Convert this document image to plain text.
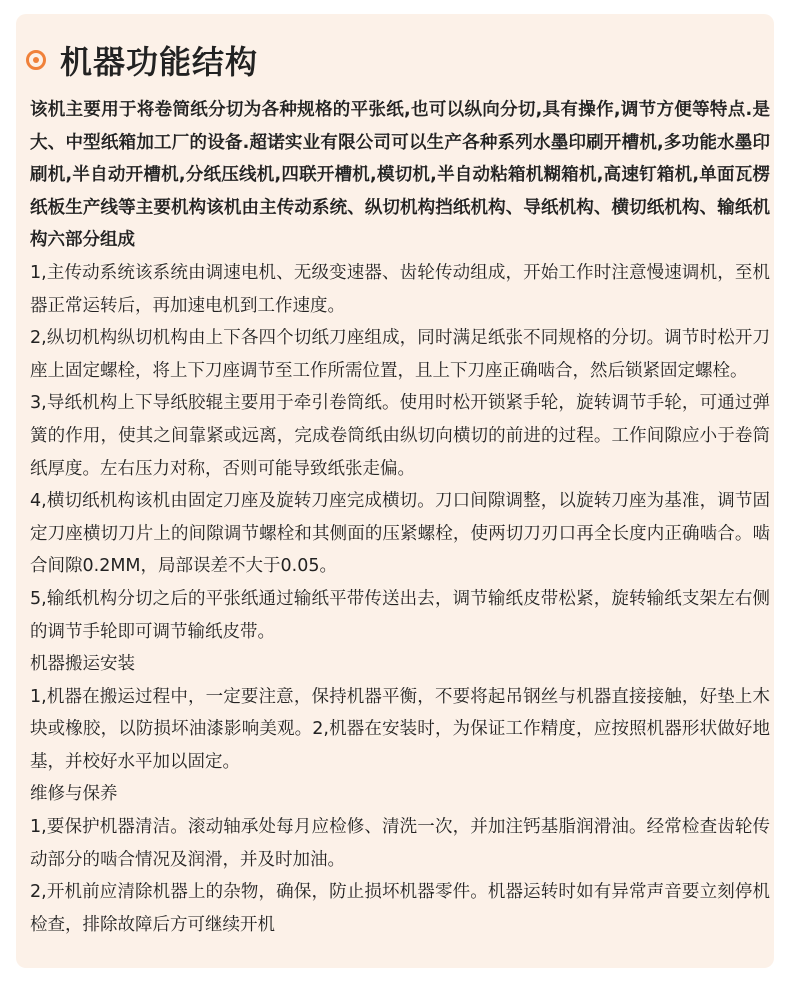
机器功能结构

该机主要用于将卷筒纸分切为各种规格的平张纸,也可以纵向分切,具有操作,调节方便等特点.是大、中型纸箱加工厂的设备.超诺实业有限公司可以生产各种系列水墨印刷开槽机,多功能水墨印刷机,半自动开槽机,分纸压线机,四联开槽机,模切机,半自动粘箱机糊箱机,高速钉箱机,单面瓦楞纸板生产线等主要机构该机由主传动系统、纵切机构挡纸机构、导纸机构、横切纸机构、输纸机构六部分组成

1,主传动系统该系统由调速电机、无级变速器、齿轮传动组成，开始工作时注意慢速调机，至机器正常运转后，再加速电机到工作速度。

2,纵切机构纵切机构由上下各四个切纸刀座组成，同时满足纸张不同规格的分切。调节时松开刀座上固定螺栓，将上下刀座调节至工作所需位置，且上下刀座正确啮合，然后锁紧固定螺栓。

3,导纸机构上下导纸胶辊主要用于牵引卷筒纸。使用时松开锁紧手轮，旋转调节手轮，可通过弹簧的作用，使其之间靠紧或远离，完成卷筒纸由纵切向横切的前进的过程。工作间隙应小于卷筒纸厚度。左右压力对称，否则可能导致纸张走偏。

4,横切纸机构该机由固定刀座及旋转刀座完成横切。刀口间隙调整，以旋转刀座为基准，调节固定刀座横切刀片上的间隙调节螺栓和其侧面的压紧螺栓，使两切刀刃口再全长度内正确啮合。啮合间隙0.2MM，局部误差不大于0.05。

5,输纸机构分切之后的平张纸通过输纸平带传送出去，调节输纸皮带松紧，旋转输纸支架左右侧的调节手轮即可调节输纸皮带。

机器搬运安装

1,机器在搬运过程中，一定要注意，保持机器平衡，不要将起吊钢丝与机器直接接触，好垫上木块或橡胶，以防损坏油漆影响美观。2,机器在安装时，为保证工作精度，应按照机器形状做好地基，并校好水平加以固定。

维修与保养

1,要保护机器清洁。滚动轴承处每月应检修、清洗一次，并加注钙基脂润滑油。经常检查齿轮传动部分的啮合情况及润滑，并及时加油。

2,开机前应清除机器上的杂物，确保，防止损坏机器零件。机器运转时如有异常声音要立刻停机检查，排除故障后方可继续开机
